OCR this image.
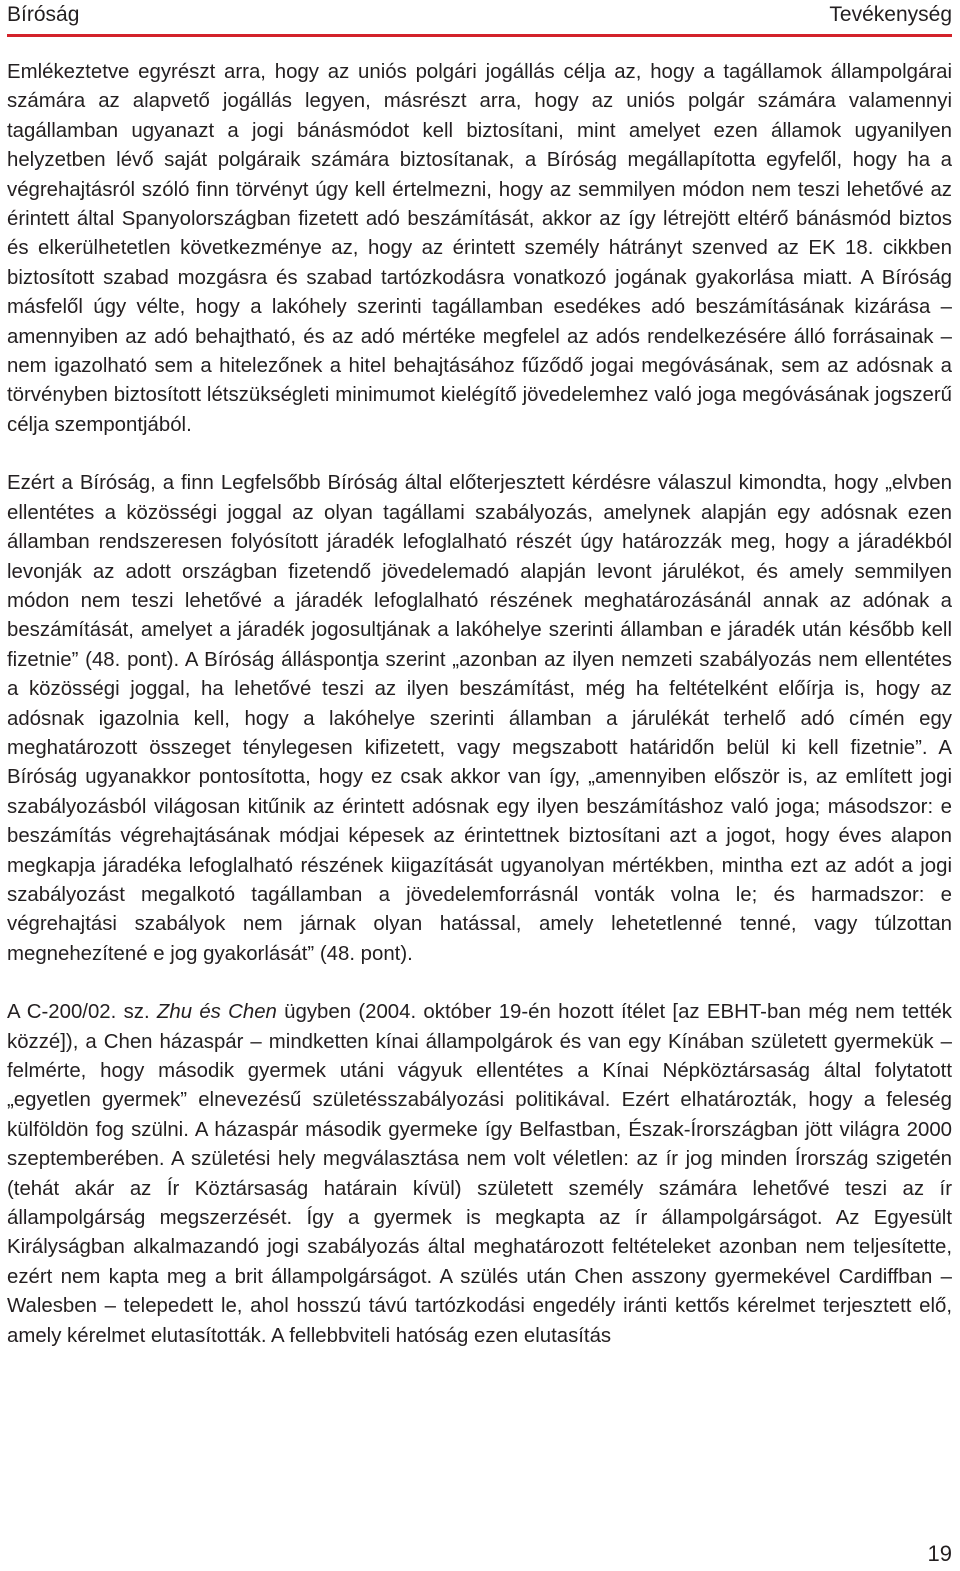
Bíróság	Tevékenység

Emlékeztetve egyrészt arra, hogy az uniós polgári jogállás célja az, hogy a tagállamok állampolgárai számára az alapvető jogállás legyen, másrészt arra, hogy az uniós polgár számára valamennyi tagállamban ugyanazt a jogi bánásmódot kell biztosítani, mint amelyet ezen államok ugyanilyen helyzetben lévő saját polgáraik számára biztosítanak, a Bíróság megállapította egyfelől, hogy ha a végrehajtásról szóló finn törvényt úgy kell értelmezni, hogy az semmilyen módon nem teszi lehetővé az érintett által Spanyolországban fizetett adó beszámítását, akkor az így létrejött eltérő bánásmód biztos és elkerülhetetlen következménye az, hogy az érintett személy hátrányt szenved az EK 18. cikkben biztosított szabad mozgásra és szabad tartózkodásra vonatkozó jogának gyakorlása miatt. A Bíróság másfelől úgy vélte, hogy a lakóhely szerinti tagállamban esedékes adó beszámításának kizárása – amennyiben az adó behajtható, és az adó mértéke megfelel az adós rendelkezésére álló forrásainak – nem igazolható sem a hitelezőnek a hitel behajtásához fűződő jogai megóvásának, sem az adósnak a törvényben biztosított létszükségleti minimumot kielégítő jövedelemhez való joga megóvásának jogszerű célja szempontjából.

Ezért a Bíróság, a finn Legfelsőbb Bíróság által előterjesztett kérdésre válaszul kimondta, hogy „elvben ellentétes a közösségi joggal az olyan tagállami szabályozás, amelynek alapján egy adósnak ezen államban rendszeresen folyósított járadék lefoglalható részét úgy határozzák meg, hogy a járadékból levonják az adott országban fizetendő jövedelemadó alapján levont járulékot, és amely semmilyen módon nem teszi lehetővé a járadék lefoglalható részének meghatározásánál annak az adónak a beszámítását, amelyet a járadék jogosultjának a lakóhelye szerinti államban e járadék után később kell fizetnie” (48. pont). A Bíróság álláspontja szerint „azonban az ilyen nemzeti szabályozás nem ellentétes a közösségi joggal, ha lehetővé teszi az ilyen beszámítást, még ha feltételként előírja is, hogy az adósnak igazolnia kell, hogy a lakóhelye szerinti államban a járulékát terhelő adó címén egy meghatározott összeget ténylegesen kifizetett, vagy megszabott határidőn belül ki kell fizetnie”. A Bíróság ugyanakkor pontosította, hogy ez csak akkor van így, „amennyiben először is, az említett jogi szabályozásból világosan kitűnik az érintett adósnak egy ilyen beszámításhoz való joga; másodszor: e beszámítás végrehajtásának módjai képesek az érintettnek biztosítani azt a jogot, hogy éves alapon megkapja járadéka lefoglalható részének kiigazítását ugyanolyan mértékben, mintha ezt az adót a jogi szabályozást megalkotó tagállamban a jövedelemforrásnál vonták volna le; és harmadszor: e végrehajtási szabályok nem járnak olyan hatással, amely lehetetlenné tenné, vagy túlzottan megnehezítené e jog gyakorlását” (48. pont).

A C-200/02. sz. Zhu és Chen ügyben (2004. október 19-én hozott ítélet [az EBHT-ban még nem tették közzé]), a Chen házaspár – mindketten kínai állampolgárok és van egy Kínában született gyermekük – felmérte, hogy második gyermek utáni vágyuk ellentétes a Kínai Népköztársaság által folytatott „egyetlen gyermek” elnevezésű születésszabályozási politikával. Ezért elhatározták, hogy a feleség külföldön fog szülni. A házaspár második gyermeke így Belfastban, Észak-Írországban jött világra 2000 szeptemberében. A születési hely megválasztása nem volt véletlen: az ír jog minden Írország szigetén (tehát akár az Ír Köztársaság határain kívül) született személy számára lehetővé teszi az ír állampolgárság megszerzését. Így a gyermek is megkapta az ír állampolgárságot. Az Egyesült Királyságban alkalmazandó jogi szabályozás által meghatározott feltételeket azonban nem teljesítette, ezért nem kapta meg a brit állampolgárságot. A szülés után Chen asszony gyermekével Cardiffban – Walesben – telepedett le, ahol hosszú távú tartózkodási engedély iránti kettős kérelmet terjesztett elő, amely kérelmet elutasították. A fellebbviteli hatóság ezen elutasítás

19
